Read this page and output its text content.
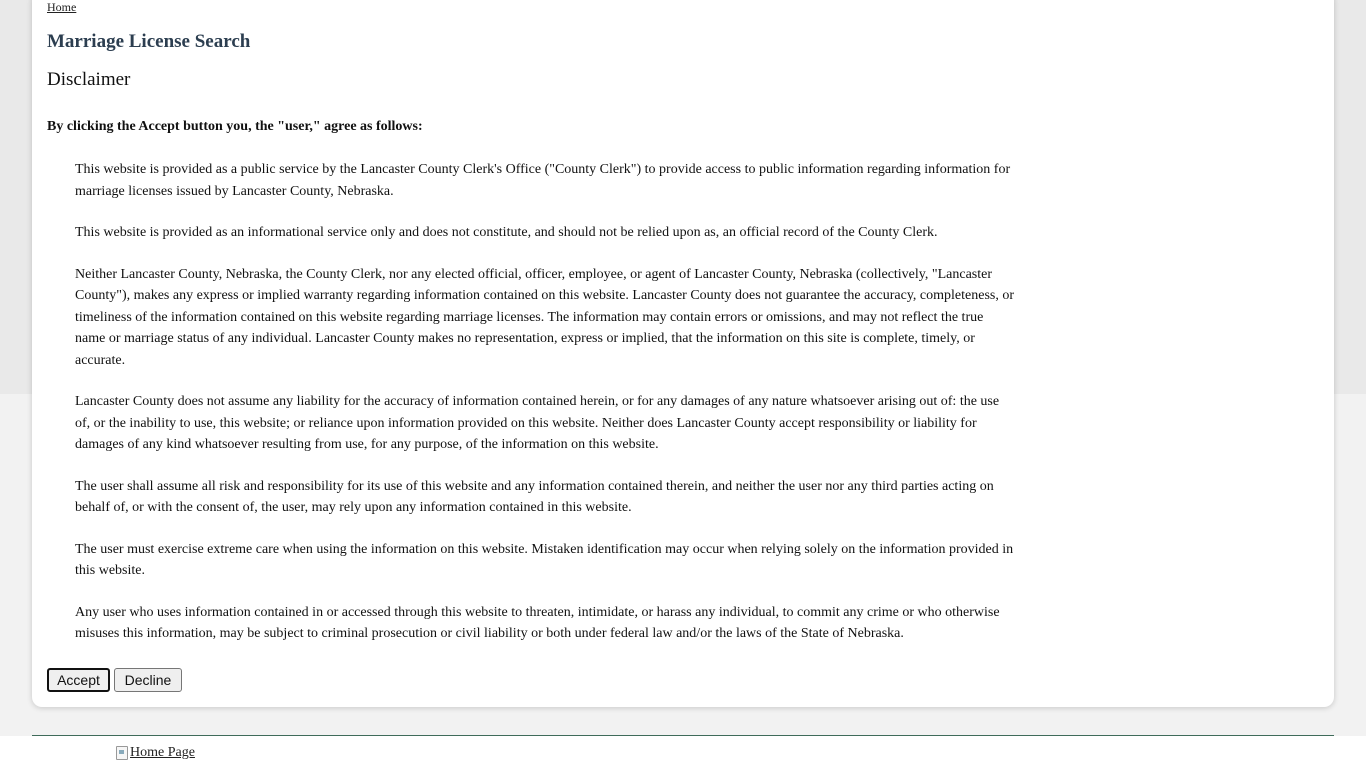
Home
Marriage License Search
Disclaimer
By clicking the Accept button you, the "user," agree as follows:

This website is provided as a public service by the Lancaster County Clerk's Office ("County Clerk") to provide access to public information regarding information for marriage licenses issued by Lancaster County, Nebraska.

This website is provided as an informational service only and does not constitute, and should not be relied upon as, an official record of the County Clerk.

Neither Lancaster County, Nebraska, the County Clerk, nor any elected official, officer, employee, or agent of Lancaster County, Nebraska (collectively, "Lancaster County"), makes any express or implied warranty regarding information contained on this website. Lancaster County does not guarantee the accuracy, completeness, or timeliness of the information contained on this website regarding marriage licenses. The information may contain errors or omissions, and may not reflect the true name or marriage status of any individual. Lancaster County makes no representation, express or implied, that the information on this site is complete, timely, or accurate.

Lancaster County does not assume any liability for the accuracy of information contained herein, or for any damages of any nature whatsoever arising out of: the use of, or the inability to use, this website; or reliance upon information provided on this website. Neither does Lancaster County accept responsibility or liability for damages of any kind whatsoever resulting from use, for any purpose, of the information on this website.

The user shall assume all risk and responsibility for its use of this website and any information contained therein, and neither the user nor any third parties acting on behalf of, or with the consent of, the user, may rely upon any information contained in this website.

The user must exercise extreme care when using the information on this website. Mistaken identification may occur when relying solely on the information provided in this website.

Any user who uses information contained in or accessed through this website to threaten, intimidate, or harass any individual, to commit any crime or who otherwise misuses this information, may be subject to criminal prosecution or civil liability or both under federal law and/or the laws of the State of Nebraska.

Accept	Decline
Home Page
